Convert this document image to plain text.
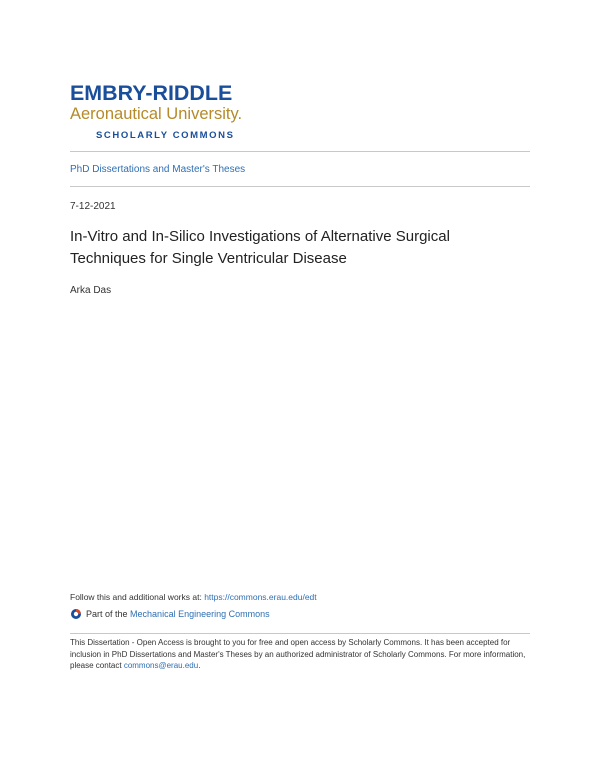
EMBRY-RIDDLE
Aeronautical University.
SCHOLARLY COMMONS
PhD Dissertations and Master's Theses
7-12-2021
In-Vitro and In-Silico Investigations of Alternative Surgical Techniques for Single Ventricular Disease
Arka Das
Follow this and additional works at: https://commons.erau.edu/edt
Part of the
Mechanical Engineering Commons
This Dissertation - Open Access is brought to you for free and open access by Scholarly Commons. It has been accepted for inclusion in PhD Dissertations and Master's Theses by an authorized administrator of Scholarly Commons. For more information, please contact commons@erau.edu.
